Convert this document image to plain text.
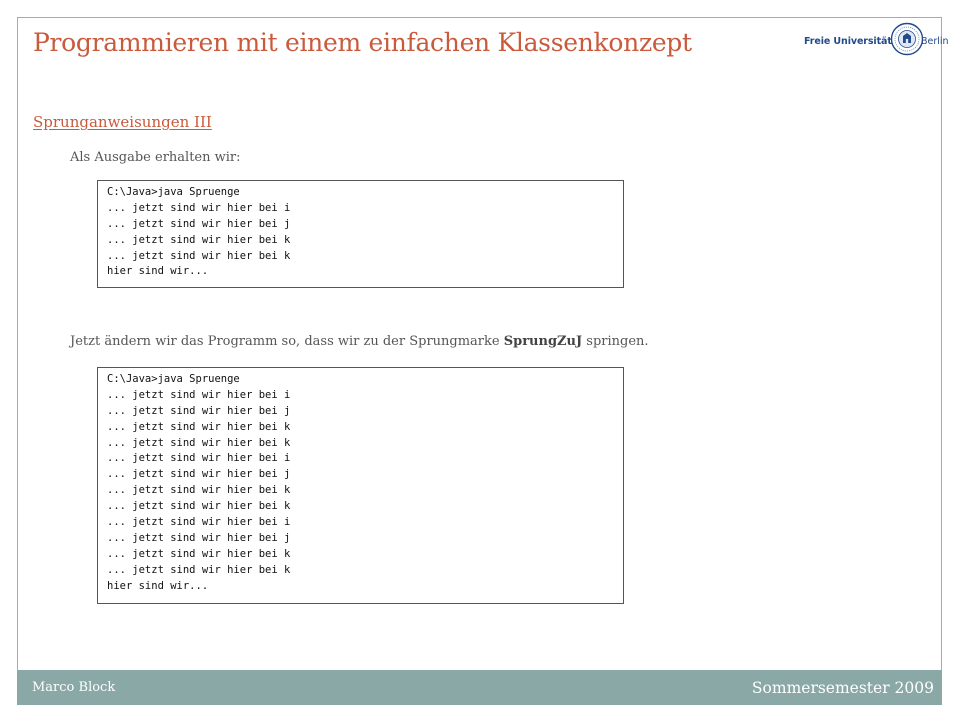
Programmieren mit einem einfachen Klassenkonzept	Freie Universität	Berlin
Sprunganweisungen III

Als Ausgabe erhalten wir:

C:\Java>java Spruenge
... jetzt sind wir hier bei i
... jetzt sind wir hier bei j
... jetzt sind wir hier bei k
... jetzt sind wir hier bei k
hier sind wir...

Jetzt ändern wir das Programm so, dass wir zu der Sprungmarke SprungZuJ springen.

C:\Java>java Spruenge
... jetzt sind wir hier bei i
... jetzt sind wir hier bei j
... jetzt sind wir hier bei k
... jetzt sind wir hier bei k
... jetzt sind wir hier bei i
... jetzt sind wir hier bei j
... jetzt sind wir hier bei k
... jetzt sind wir hier bei k
... jetzt sind wir hier bei i
... jetzt sind wir hier bei j
... jetzt sind wir hier bei k
... jetzt sind wir hier bei k
hier sind wir...
Marco Block	Sommersemester 2009
